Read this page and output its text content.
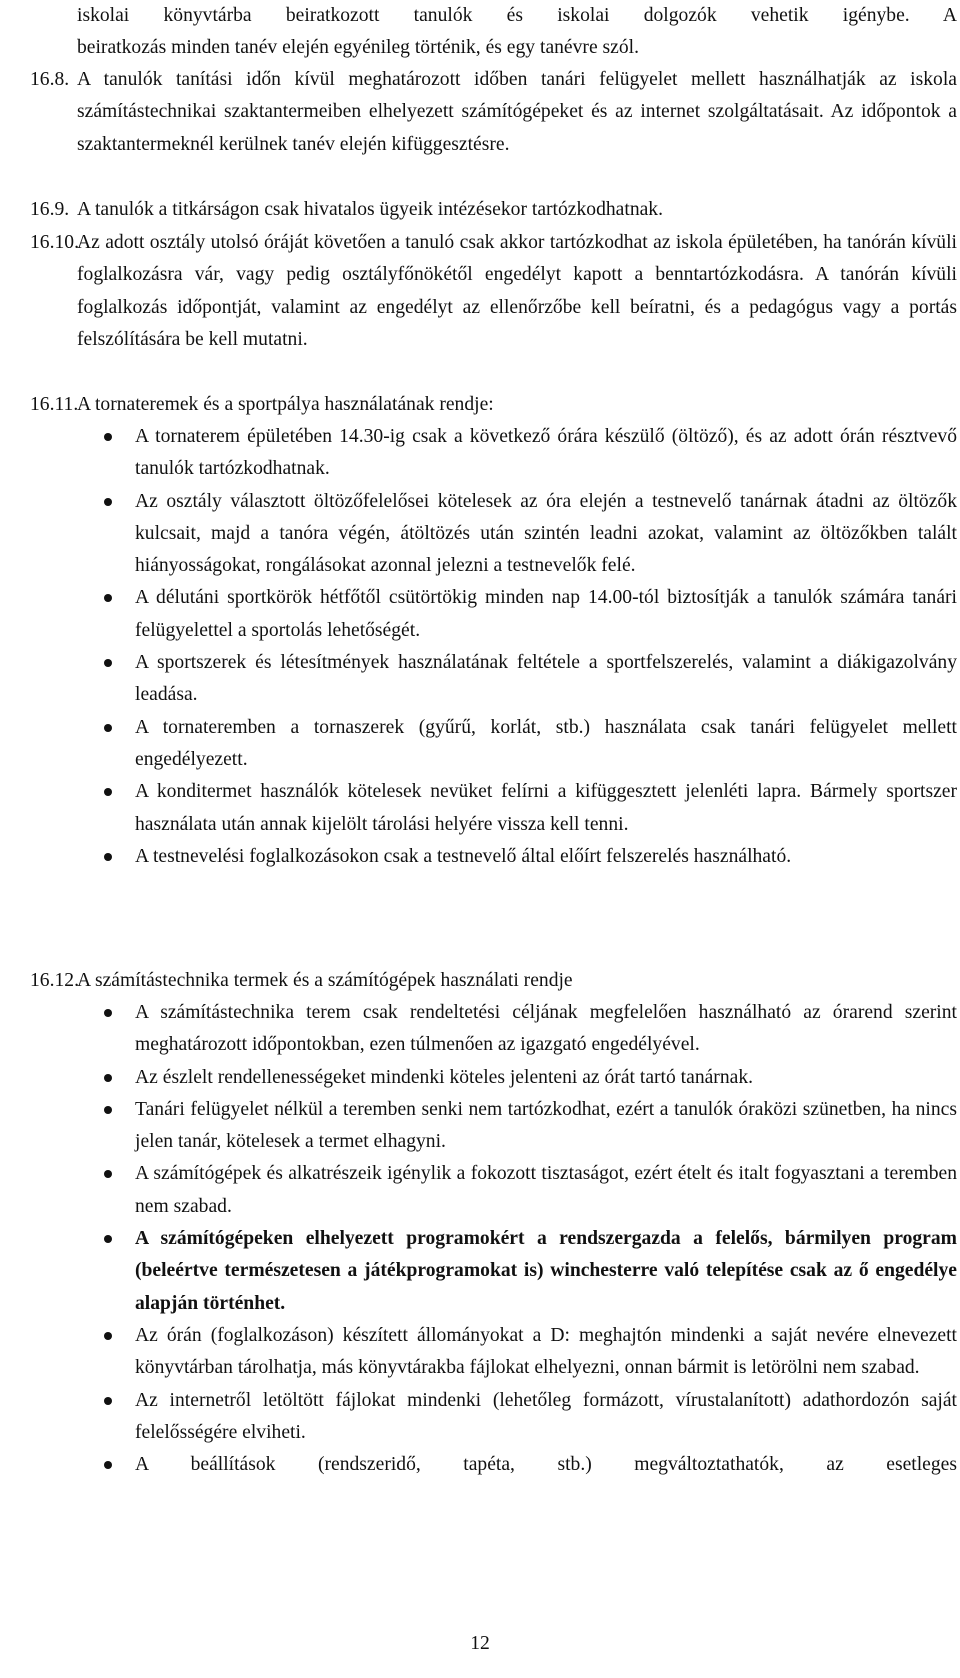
iskolai könyvtárba beiratkozott tanulók és iskolai dolgozók vehetik igénybe. A
beiratkozás minden tanév elején egyénileg történik, és egy tanévre szól.
16.8. A tanulók tanítási időn kívül meghatározott időben tanári felügyelet mellett használhatják az iskola számítástechnikai szaktantermeiben elhelyezett számítógépeket és az internet szolgáltatásait. Az időpontok a szaktantermeknél kerülnek tanév elején kifüggesztésre.
16.9. A tanulók a titkárságon csak hivatalos ügyeik intézésekor tartózkodhatnak.
16.10.
Az adott osztály utolsó óráját követően a tanuló csak akkor tartózkodhat az iskola épületében, ha tanórán kívüli foglalkozásra vár, vagy pedig osztályfőnökétől engedélyt kapott a benntartózkodásra. A tanórán kívüli foglalkozás időpontját, valamint az engedélyt az ellenőrzőbe kell beíratni, és a pedagógus vagy a portás felszólítására be kell mutatni.
16.11.
A tornateremek és a sportpálya használatának rendje:
A tornaterem épületében 14.30-ig csak a következő órára készülő (öltöző), és az adott órán résztvevő tanulók tartózkodhatnak.
Az osztály választott öltözőfelelősei kötelesek az óra elején a testnevelő tanárnak átadni az öltözők kulcsait, majd a tanóra végén, átöltözés után szintén leadni azokat, valamint az öltözőkben talált hiányosságokat, rongálásokat azonnal jelezni a testnevelők felé.
A délutáni sportkörök hétfőtől csütörtökig minden nap 14.00-tól biztosítják a tanulók számára tanári felügyelettel a sportolás lehetőségét.
A sportszerek és létesítmények használatának feltétele a sportfelszerelés, valamint a diákigazolvány leadása.
A tornateremben a tornaszerek (gyűrű, korlát, stb.) használata csak tanári felügyelet mellett engedélyezett.
A konditermet használók kötelesek nevüket felírni a kifüggesztett jelenléti lapra. Bármely sportszer használata után annak kijelölt tárolási helyére vissza kell tenni.
A testnevelési foglalkozásokon csak a testnevelő által előírt felszerelés használható.
16.12.
A számítástechnika termek és a számítógépek használati rendje
A számítástechnika terem csak rendeltetési céljának megfelelően használható az órarend szerint meghatározott időpontokban, ezen túlmenően az igazgató engedélyével.
Az észlelt rendellenességeket mindenki köteles jelenteni az órát tartó tanárnak.
Tanári felügyelet nélkül a teremben senki nem tartózkodhat, ezért a tanulók óraközi szünetben, ha nincs jelen tanár, kötelesek a termet elhagyni.
A számítógépek és alkatrészeik igénylik a fokozott tisztaságot, ezért ételt és italt fogyasztani a teremben nem szabad.
A számítógépeken elhelyezett programokért a rendszergazda a felelős, bármilyen program (beleértve természetesen a játékprogramokat is) winchesterre való telepítése csak az ő engedélye alapján történhet.
Az órán (foglalkozáson) készített állományokat a D: meghajtón mindenki a saját nevére elnevezett könyvtárban tárolhatja, más könyvtárakba fájlokat elhelyezni, onnan bármit is letörölni nem szabad.
Az internetről letöltött fájlokat mindenki (lehetőleg formázott, vírustalanított) adathordozón saját felelősségére elviheti.
A beállítások (rendszeridő, tapéta, stb.) megváltoztathatók, az esetleges
12
